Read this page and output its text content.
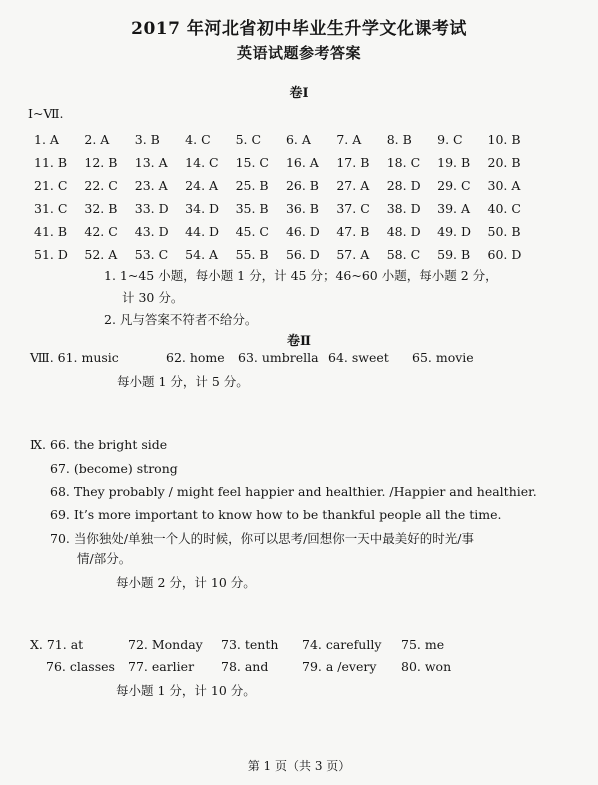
2017 年河北省初中毕业生升学文化课考试
英语试题参考答案
卷Ⅰ
Ⅰ~Ⅶ.
1. A	2. A	3. B	4. C	5. C	6. A	7. A	8. B	9. C	10. B
11. B	12. B	13. A	14. C	15. C	16. A	17. B	18. C	19. B	20. B
21. C	22. C	23. A	24. A	25. B	26. B	27. A	28. D	29. C	30. A
31. C	32. B	33. D	34. D	35. B	36. B	37. C	38. D	39. A	40. C
41. B	42. C	43. D	44. D	45. C	46. D	47. B	48. D	49. D	50. B
51. D	52. A	53. C	54. A	55. B	56. D	57. A	58. C	59. B	60. D
1. 1~45 小题，每小题 1 分，计 45 分；46~60 小题，每小题 2 分，
计 30 分。
2. 凡与答案不符者不给分。
卷Ⅱ
Ⅷ. 61. music	62. home 63. umbrella 64. sweet 65. movie
每小题 1 分，计 5 分。
Ⅸ. 66. the bright side
67. (become) strong
68. They probably / might feel happier and healthier. /Happier and healthier.
69. It’s more important to know how to be thankful people all the time.
70. 当你独处/单独一个人的时候，你可以思考/回想你一天中最美好的时光/事
情/部分。
每小题 2 分，计 10 分。
Ⅹ. 71. at	72. Monday 73. tenth 74. carefully 75. me
76. classes 77. earlier 78. and	79. a /every 80. won
每小题 1 分，计 10 分。
第 1 页（共 3 页）
